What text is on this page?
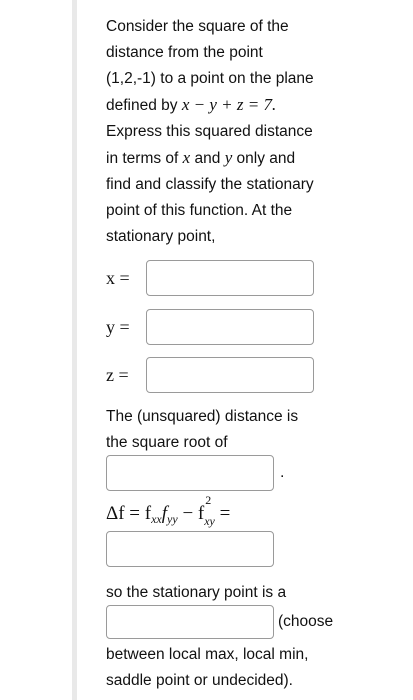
Consider the square of the
distance from the point
(1,2,-1) to a point on the plane
defined by x − y + z = 7.
Express this squared distance
in terms of x and y only and
find and classify the stationary
point of this function. At the
stationary point,
x =
y =
z =
The (unsquared) distance is
the square root of
.
$\Delta f = f_{xx}f_{yy} - f$
2
$_{xy}$ =
so the stationary point is a
(choose
between local max, local min,
saddle point or undecided).
